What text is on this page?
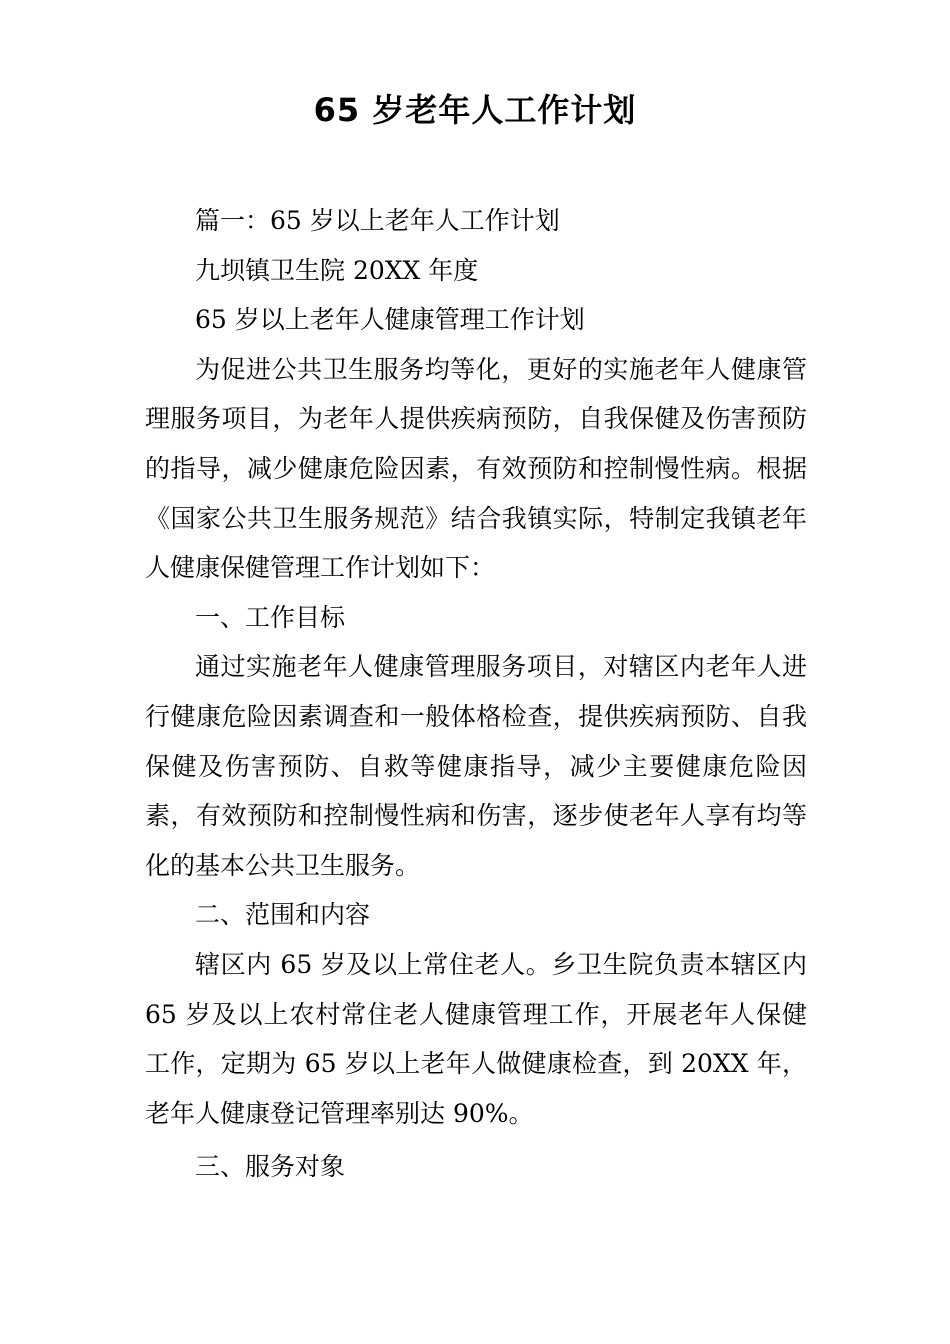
65 岁老年人工作计划

篇一：65 岁以上老年人工作计划

九坝镇卫生院 20XX 年度

65 岁以上老年人健康管理工作计划

为促进公共卫生服务均等化，更好的实施老年人健康管理服务项目，为老年人提供疾病预防，自我保健及伤害预防的指导，减少健康危险因素，有效预防和控制慢性病。根据《国家公共卫生服务规范》结合我镇实际，特制定我镇老年人健康保健管理工作计划如下：

一、工作目标

通过实施老年人健康管理服务项目，对辖区内老年人进行健康危险因素调查和一般体格检查，提供疾病预防、自我保健及伤害预防、自救等健康指导，减少主要健康危险因素，有效预防和控制慢性病和伤害，逐步使老年人享有均等化的基本公共卫生服务。

二、范围和内容

辖区内 65 岁及以上常住老人。乡卫生院负责本辖区内 65 岁及以上农村常住老人健康管理工作，开展老年人保健工作，定期为 65 岁以上老年人做健康检查，到 20XX 年，老年人健康登记管理率别达 90%。

三、服务对象
